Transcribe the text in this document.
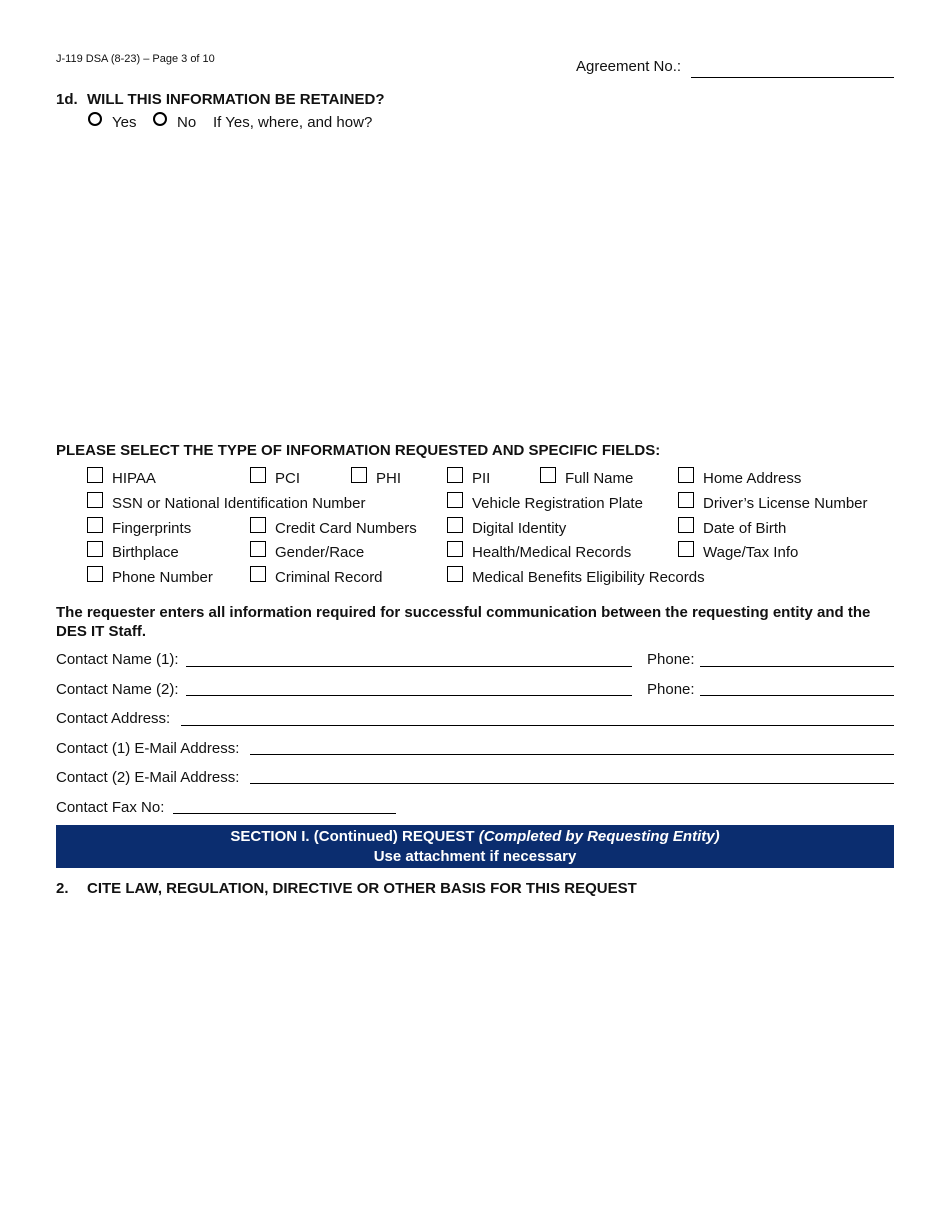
J-119 DSA (8-23) – Page 3 of 10	Agreement No.:
1d. WILL THIS INFORMATION BE RETAINED?
Yes	No If Yes, where, and how?
PLEASE SELECT THE TYPE OF INFORMATION REQUESTED AND SPECIFIC FIELDS:
HIPAA	PCI	PHI	PII	Full Name	Home Address
SSN or National Identification Number	Vehicle Registration Plate	Driver’s License Number
Fingerprints	Credit Card Numbers	Digital Identity	Date of Birth
Birthplace	Gender/Race	Health/Medical Records	Wage/Tax Info
Phone Number	Criminal Record	Medical Benefits Eligibility Records
The requester enters all information required for successful communication between the requesting entity and the DES IT Staff.
Contact Name (1):	Phone:
Contact Name (2):	Phone:
Contact Address:
Contact (1) E-Mail Address:
Contact (2) E-Mail Address:
Contact Fax No:
SECTION I. (Continued) REQUEST (Completed by Requesting Entity)
Use attachment if necessary
2. CITE LAW, REGULATION, DIRECTIVE OR OTHER BASIS FOR THIS REQUEST
